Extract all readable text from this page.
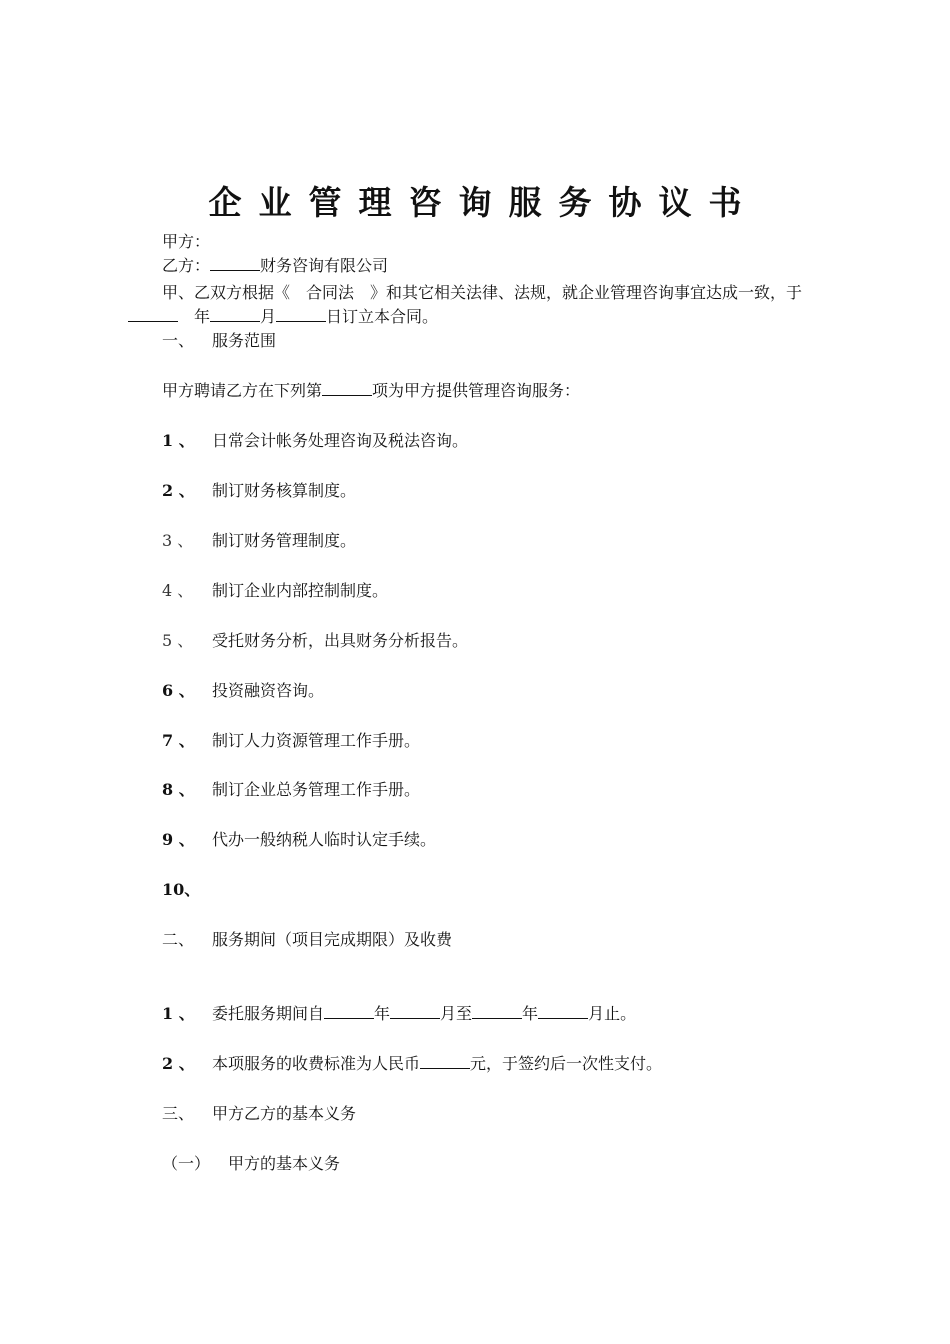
企业管理咨询服务协议书
甲方：
乙方：	财务咨询有限公司
甲、乙双方根据《 合同法 》和其它相关法律、法规，就企业管理咨询事宜达成一致，于
年	月	日订立本合同。
一、 服务范围
甲方聘请乙方在下列第	项为甲方提供管理咨询服务：
1 、 日常会计帐务处理咨询及税法咨询。
2 、 制订财务核算制度。
3 、 制订财务管理制度。
4 、 制订企业内部控制制度。
5 、 受托财务分析，出具财务分析报告。
6 、 投资融资咨询。
7 、 制订人力资源管理工作手册。
8 、 制订企业总务管理工作手册。
9 、 代办一般纳税人临时认定手续。
10、
二、 服务期间（项目完成期限）及收费
1 、 委托服务期间自	年	月至	年	月止。
2 、 本项服务的收费标准为人民币	元，于签约后一次性支付。
三、 甲方乙方的基本义务
（一） 甲方的基本义务
